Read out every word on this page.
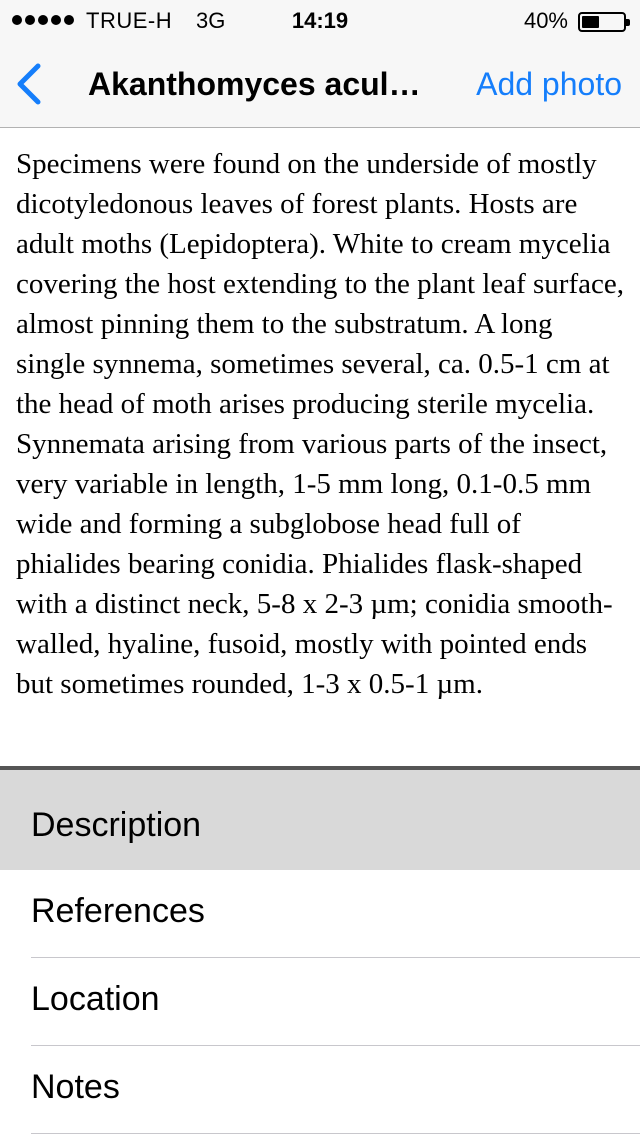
TRUE-H 3G	14:19	40%
Akanthomyces acul…	Add photo

Specimens were found on the underside of mostly dicotyledonous leaves of forest plants. Hosts are adult moths (Lepidoptera). White to cream mycelia covering the host extending to the plant leaf surface, almost pinning them to the substratum. A long single synnema, sometimes several, ca. 0.5-1 cm at the head of moth arises producing sterile mycelia. Synnemata arising from various parts of the insect, very variable in length, 1-5 mm long, 0.1-0.5 mm wide and forming a subglobose head full of phialides bearing conidia. Phialides flask-shaped with a distinct neck, 5-8 x 2-3 µm; conidia smooth-walled, hyaline, fusoid, mostly with pointed ends but sometimes rounded, 1-3 x 0.5-1 µm.

Description
References
Location
Notes
